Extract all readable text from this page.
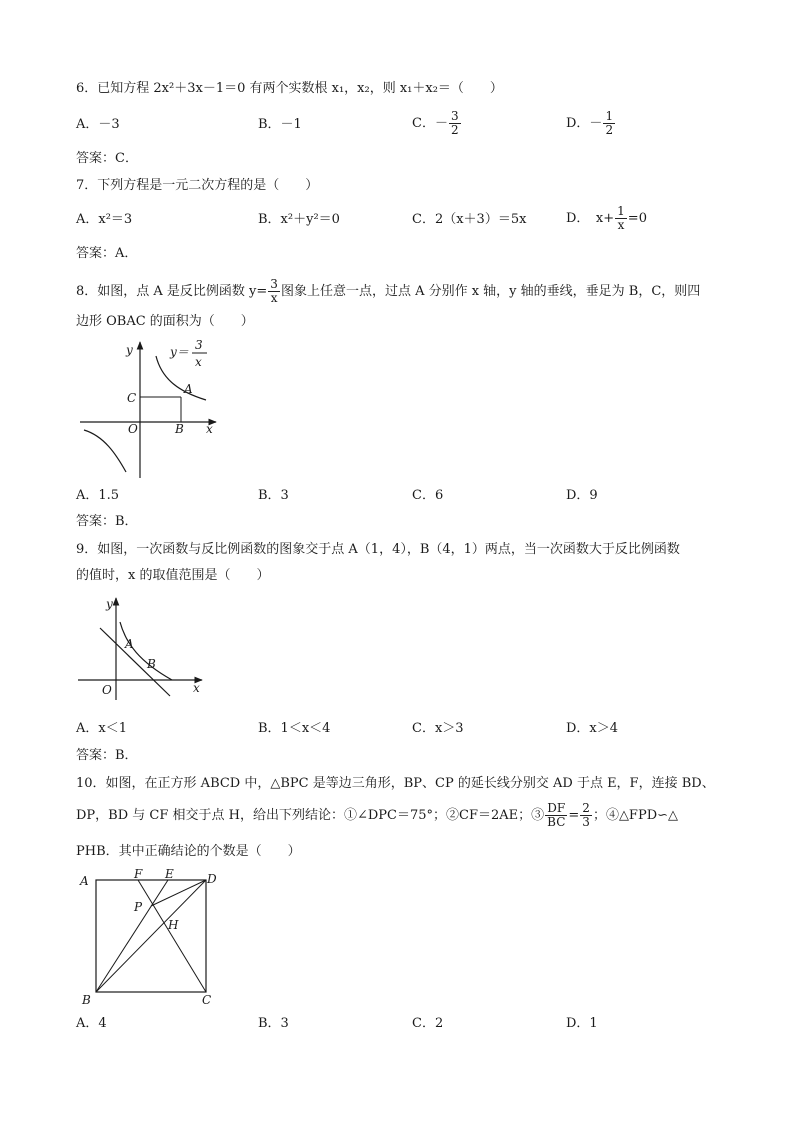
6．已知方程 2x²＋3x－1＝0 有两个实数根 x₁，x₂，则 x₁＋x₂＝（　　）
A．－3	B．－1	C．－ $\frac{3}{2}$	D．－ $\frac{1}{2}$
答案：C．
7．下列方程是一元二次方程的是（　　）
A．x²＝3	B．x²＋y²＝0	C．2（x＋3）＝5x	D．　$x+ \frac{1}{x} =0$
答案：A．
8．如图，点 A 是反比例函数 $y= \frac{3}{x}$ 图象上任意一点，过点 A 分别作 x 轴，y 轴的垂线，垂足为 B，C，则四
边形 OBAC 的面积为（　　）
y
x
O
A
B
C
y＝ 3
x
A．1.5	B．3	C．6	D．9
答案：B．
9．如图，一次函数与反比例函数的图象交于点 A（1，4），B（4，1）两点，当一次函数大于反比例函数
的值时，x 的取值范围是（　　）
y
x
O
A
B
A．x＜1	B．1＜x＜4	C．x＞3	D．x＞4
答案：B．
10．如图，在正方形 ABCD 中，△BPC 是等边三角形，BP、CP 的延长线分别交 AD 于点 E，F，连接 BD、
DP，BD 与 CF 相交于点 H，给出下列结论：①∠DPC＝75°；②CF＝2AE；③ $\frac{DF}{BC} = \frac{2}{3}$ ；④△FPD∽△
PHB．其中正确结论的个数是（　　）
A
B	C
D
E
F
P
H
A．4	B．3	C．2	D．1
